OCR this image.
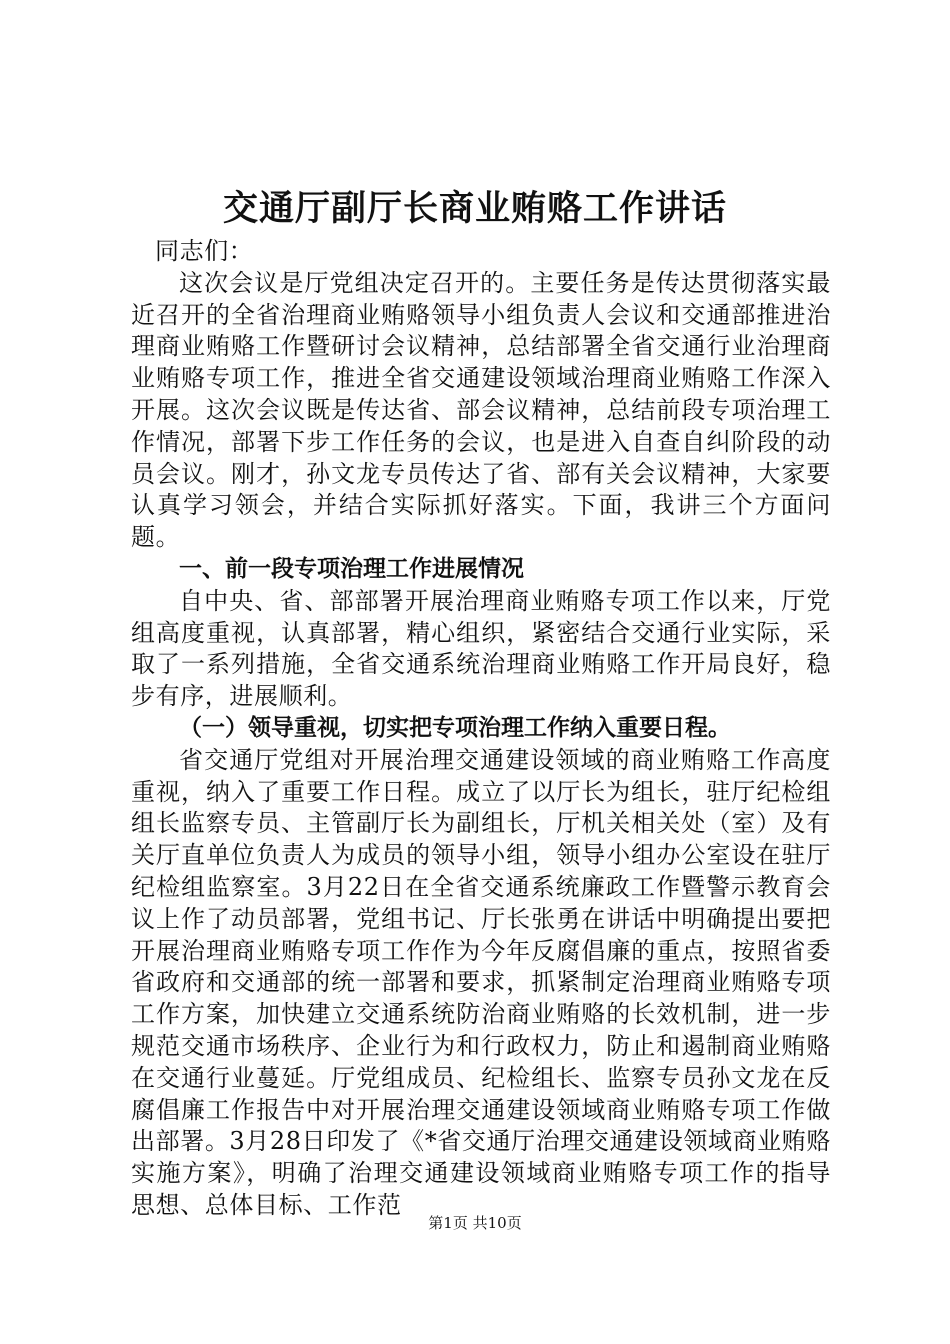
交通厅副厅长商业贿赂工作讲话

同志们：

这次会议是厅党组决定召开的。主要任务是传达贯彻落实最近召开的全省治理商业贿赂领导小组负责人会议和交通部推进治理商业贿赂工作暨研讨会议精神，总结部署全省交通行业治理商业贿赂专项工作，推进全省交通建设领域治理商业贿赂工作深入开展。这次会议既是传达省、部会议精神，总结前段专项治理工作情况，部署下步工作任务的会议，也是进入自查自纠阶段的动员会议。刚才，孙文龙专员传达了省、部有关会议精神，大家要认真学习领会，并结合实际抓好落实。下面，我讲三个方面问题。

一、前一段专项治理工作进展情况

自中央、省、部部署开展治理商业贿赂专项工作以来，厅党组高度重视，认真部署，精心组织，紧密结合交通行业实际，采取了一系列措施，全省交通系统治理商业贿赂工作开局良好，稳步有序，进展顺利。

（一）领导重视，切实把专项治理工作纳入重要日程。

省交通厅党组对开展治理交通建设领域的商业贿赂工作高度重视，纳入了重要工作日程。成立了以厅长为组长，驻厅纪检组组长监察专员、主管副厅长为副组长，厅机关相关处（室）及有关厅直单位负责人为成员的领导小组，领导小组办公室设在驻厅纪检组监察室。3月22日在全省交通系统廉政工作暨警示教育会议上作了动员部署，党组书记、厅长张勇在讲话中明确提出要把开展治理商业贿赂专项工作作为今年反腐倡廉的重点，按照省委省政府和交通部的统一部署和要求，抓紧制定治理商业贿赂专项工作方案，加快建立交通系统防治商业贿赂的长效机制，进一步规范交通市场秩序、企业行为和行政权力，防止和遏制商业贿赂在交通行业蔓延。厅党组成员、纪检组长、监察专员孙文龙在反腐倡廉工作报告中对开展治理交通建设领域商业贿赂专项工作做出部署。3月28日印发了《*省交通厅治理交通建设领域商业贿赂实施方案》，明确了治理交通建设领域商业贿赂专项工作的指导思想、总体目标、工作范

第1页 共10页
